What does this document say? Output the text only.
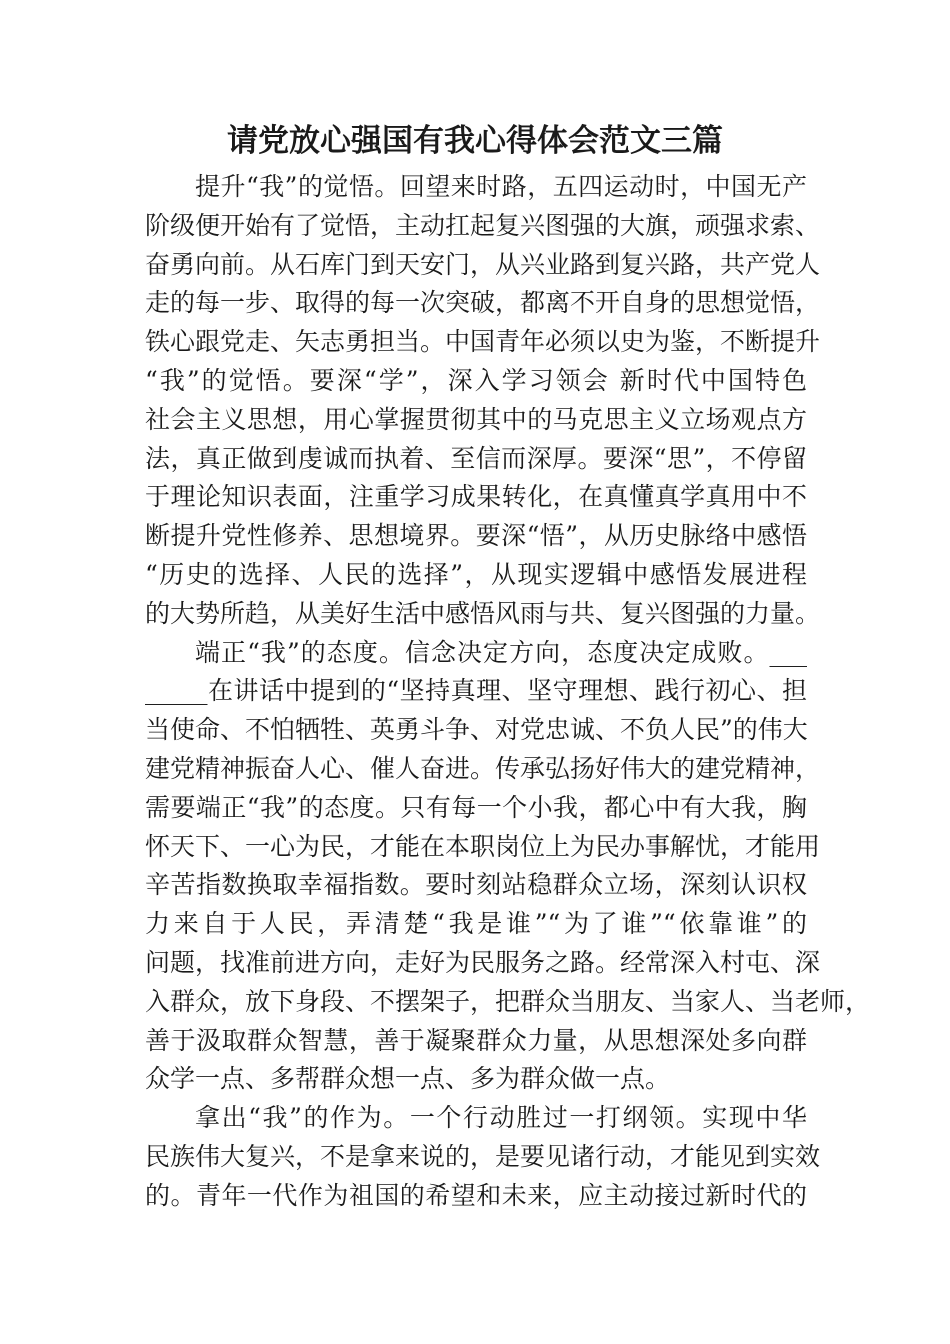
请党放心强国有我心得体会范文三篇
提升“我”的觉悟。回望来时路，五四运动时，中国无产
阶级便开始有了觉悟，主动扛起复兴图强的大旗，顽强求索、
奋勇向前。从石库门到天安门，从兴业路到复兴路，共产党人
走的每一步、取得的每一次突破，都离不开自身的思想觉悟，
铁心跟党走、矢志勇担当。中国青年必须以史为鉴，不断提升
“我”的觉悟。要深“学”，深入学习领会 新时代中国特色
社会主义思想，用心掌握贯彻其中的马克思主义立场观点方
法，真正做到虔诚而执着、至信而深厚。要深“思”，不停留
于理论知识表面，注重学习成果转化，在真懂真学真用中不
断提升党性修养、思想境界。要深“悟”，从历史脉络中感悟
“历史的选择、人民的选择”，从现实逻辑中感悟发展进程
的大势所趋，从美好生活中感悟风雨与共、复兴图强的力量。
端正“我”的态度。信念决定方向，态度决定成败。___
_____在讲话中提到的“坚持真理、坚守理想、践行初心、担
当使命、不怕牺牲、英勇斗争、对党忠诚、不负人民”的伟大
建党精神振奋人心、催人奋进。传承弘扬好伟大的建党精神，
需要端正“我”的态度。只有每一个小我，都心中有大我，胸
怀天下、一心为民，才能在本职岗位上为民办事解忧，才能用
辛苦指数换取幸福指数。要时刻站稳群众立场，深刻认识权
力来自于人民，弄清楚“我是谁”“为了谁”“依靠谁”的
问题，找准前进方向，走好为民服务之路。经常深入村屯、深
入群众，放下身段、不摆架子，把群众当朋友、当家人、当老师，
善于汲取群众智慧，善于凝聚群众力量，从思想深处多向群
众学一点、多帮群众想一点、多为群众做一点。
拿出“我”的作为。一个行动胜过一打纲领。实现中华
民族伟大复兴，不是拿来说的，是要见诸行动，才能见到实效
的。青年一代作为祖国的希望和未来，应主动接过新时代的
